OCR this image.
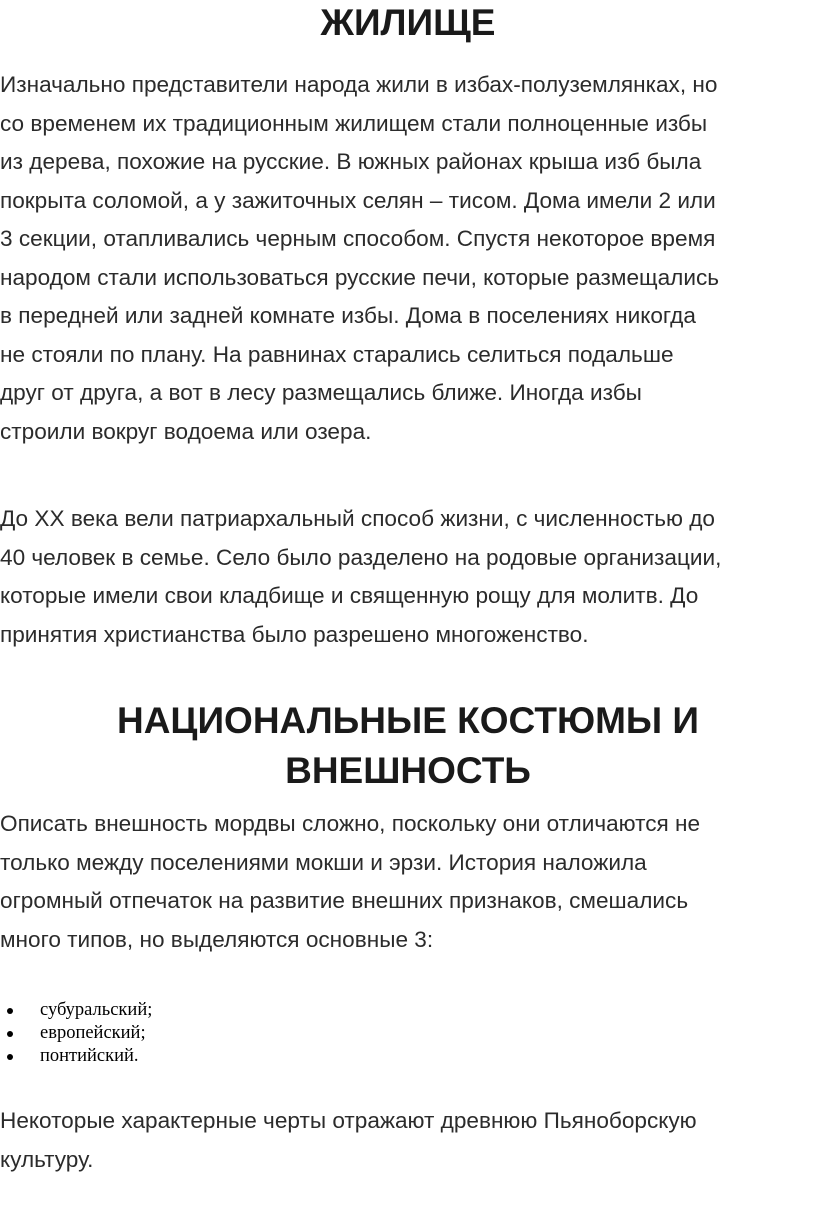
ЖИЛИЩЕ

Изначально представители народа жили в избах-полуземлянках, но
со временем их традиционным жилищем стали полноценные избы
из дерева, похожие на русские. В южных районах крыша изб была
покрыта соломой, а у зажиточных селян – тисом. Дома имели 2 или
3 секции, отапливались черным способом. Спустя некоторое время
народом стали использоваться русские печи, которые размещались
в передней или задней комнате избы. Дома в поселениях никогда
не стояли по плану. На равнинах старались селиться подальше
друг от друга, а вот в лесу размещались ближе. Иногда избы
строили вокруг водоема или озера.

До XX века вели патриархальный способ жизни, с численностью до
40 человек в семье. Село было разделено на родовые организации,
которые имели свои кладбище и священную рощу для молитв. До
принятия христианства было разрешено многоженство.

НАЦИОНАЛЬНЫЕ КОСТЮМЫ И
ВНЕШНОСТЬ

Описать внешность мордвы сложно, поскольку они отличаются не
только между поселениями мокши и эрзи. История наложила
огромный отпечаток на развитие внешних признаков, смешались
много типов, но выделяются основные 3:

субуральский;
европейский;
понтийский.

Некоторые характерные черты отражают древнюю Пьяноборскую
культуру.
